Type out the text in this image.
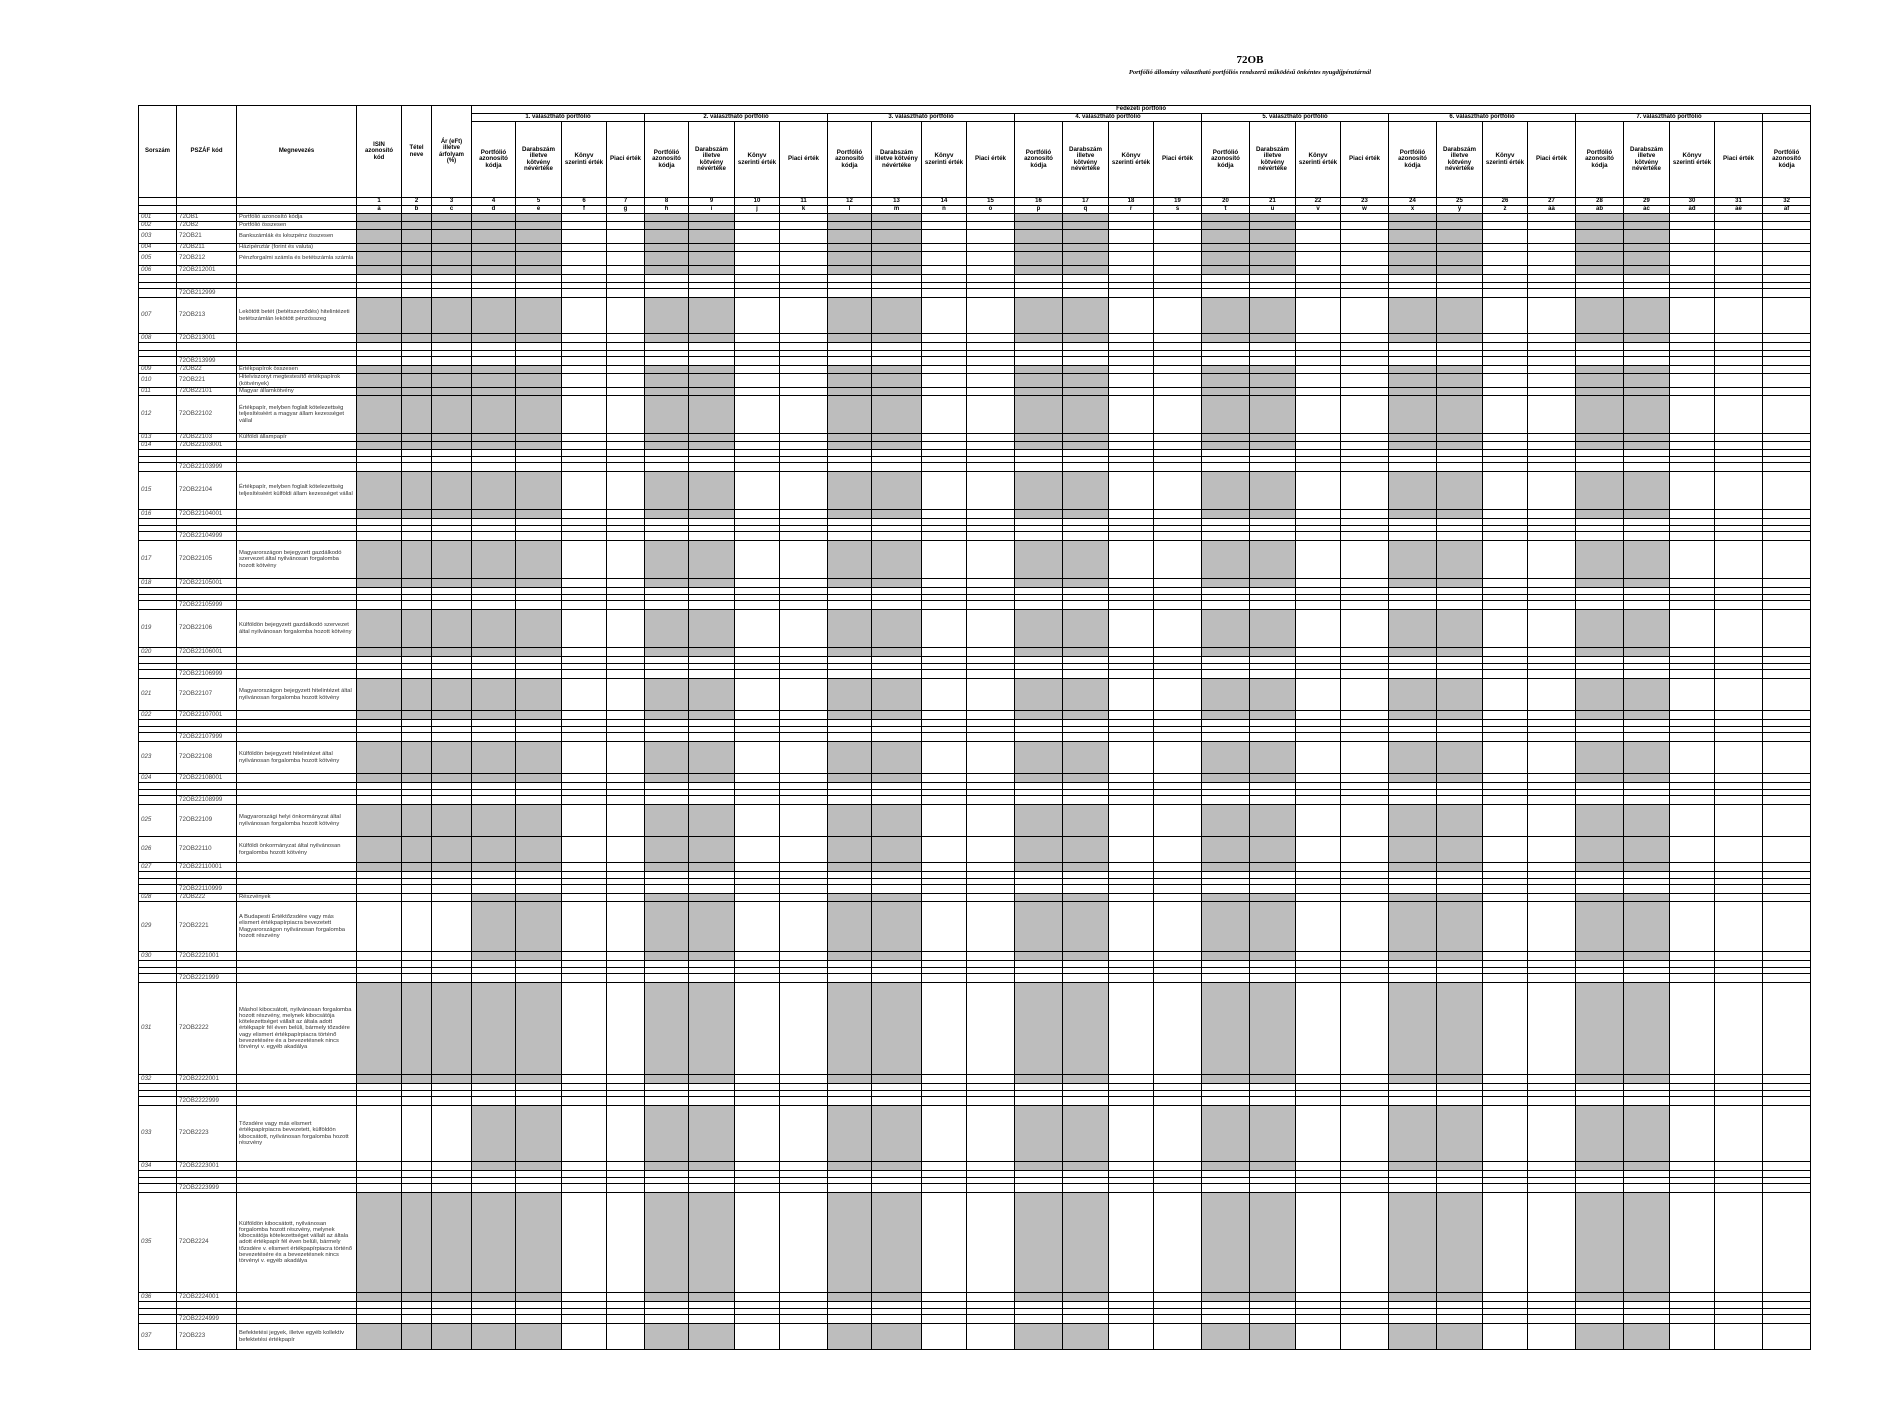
72OB
Portfólió állomány választható portfóliós rendszerű működésű önkéntes nyugdíjpénztárnál
Sorszám	PSZÁF kód	Megnevezés	ISIN azonosító kód	Tétel neve	Ár (eFt) illetve árfolyam (%)	Fedezeti portfólió																												
						1. választható portfólió				2. választható portfólió				3. választható portfólió				4. választható portfólió				5. választható portfólió				6. választható portfólió				7. választható portfólió				
						Portfólió azonosító kódja	Darabszám illetve kötvény névértéke	Könyv szerinti érték	Piaci érték	Portfólió azonosító kódja	Darabszám illetve kötvény névértéke	Könyv szerinti érték	Piaci érték	Portfólió azonosító kódja	Darabszám illetve kötvény névértéke	Könyv szerinti érték	Piaci érték	Portfólió azonosító kódja	Darabszám illetve kötvény névértéke	Könyv szerinti érték	Piaci érték	Portfólió azonosító kódja	Darabszám illetve kötvény névértéke	Könyv szerinti érték	Piaci érték	Portfólió azonosító kódja	Darabszám illetve kötvény névértéke	Könyv szerinti érték	Piaci érték	Portfólió azonosító kódja	Darabszám illetve kötvény névértéke	Könyv szerinti érték	Piaci érték	Portfólió azonosító kódja
			1	2	3	4	5	6	7	8	9	10	11	12	13	14	15	16	17	18	19	20	21	22	23	24	25	26	27	28	29	30	31	32
			a	b	c	d	e	f	g	h	i	j	k	l	m	n	o	p	q	r	s	t	u	v	w	x	y	z	aa	ab	ac	ad	ae	af
001	72OB1	Portfólió azonosító kódja																																
002	72OB2	Portfólió összesen																																
003	72OB21	Bankszámlák és készpénz összesen																																
004	72OB211	Házipénztár (forint és valuta)																																
005	72OB212	Pénzforgalmi számla és betétszámla számla																																
006	72OB212001																																	

	72OB212999																																	
007	72OB213	Lekötött betét (betétszerződés) hitelintézeti betétszámlán lekötött pénzösszeg																																
008	72OB213001																																	

	72OB213999																																	
009	72OB22	Értékpapírok összesen																																
010	72OB221	Hitelviszonyt megtestesítő értékpapírok (kötvények)																																
011	72OB22101	Magyar államkötvény																																
012	72OB22102	Értékpapír, melyben foglalt kötelezettség teljesítéséért a magyar állam kezességet vállal																																
013	72OB22103	Külföldi állampapír																																
014	72OB22103001																																	

	72OB22103999																																	
015	72OB22104	Értékpapír, melyben foglalt kötelezettség teljesítéséért külföldi állam kezességet vállal																																
016	72OB22104001																																	

	72OB22104999																																	
017	72OB22105	Magyarországon bejegyzett gazdálkodó szervezet által nyilvánosan forgalomba hozott kötvény																																
018	72OB22105001																																	

	72OB22105999																																	
019	72OB22106	Külföldön bejegyzett gazdálkodó szervezet által nyilvánosan forgalomba hozott kötvény																																
020	72OB22106001																																	

	72OB22106999																																	
021	72OB22107	Magyarországon bejegyzett hitelintézet által nyilvánosan forgalomba hozott kötvény																																
022	72OB22107001																																	

	72OB22107999																																	
023	72OB22108	Külföldön bejegyzett hitelintézet által nyilvánosan forgalomba hozott kötvény																																
024	72OB22108001																																	

	72OB22108999																																	
025	72OB22109	Magyarországi helyi önkormányzat által nyilvánosan forgalomba hozott kötvény																																
026	72OB22110	Külföldi önkormányzat által nyilvánosan forgalomba hozott kötvény																																
027	72OB22110001																																	

	72OB22110999																																	
028	72OB222	Részvények																																
029	72OB2221	A Budapesti Értéktőzsdére vagy más elismert értékpapírpiacra bevezetett Magyarországon nyilvánosan forgalomba hozott részvény																																
030	72OB2221001																																	

	72OB2221999																																	
031	72OB2222	Máshol kibocsátott, nyilvánosan forgalomba hozott részvény, melynek kibocsátója kötelezettséget vállalt az általa adott értékpapír fél éven belüli, bármely tőzsdére vagy elismert értékpapírpiacra történő bevezetésére és a bevezetésnek nincs törvényi v. egyéb akadálya																																
032	72OB2222001																																	

	72OB2222999																																	
033	72OB2223	Tőzsdére vagy más elismert értékpapírpiacra bevezetett, külföldön kibocsátott, nyilvánosan forgalomba hozott részvény																																
034	72OB2223001																																	

	72OB2223999																																	
035	72OB2224	Külföldön kibocsátott, nyilvánosan forgalomba hozott részvény, melynek kibocsátója kötelezettséget vállalt az általa adott értékpapír fél éven belüli, bármely tőzsdére v. elismert értékpapírpiacra történő bevezetésére és a bevezetésnek nincs törvényi v. egyéb akadálya																																
036	72OB2224001																																	

	72OB2224999																																	
037	72OB223	Befektetési jegyek, illetve egyéb kollektív befektetési értékpapír																																
